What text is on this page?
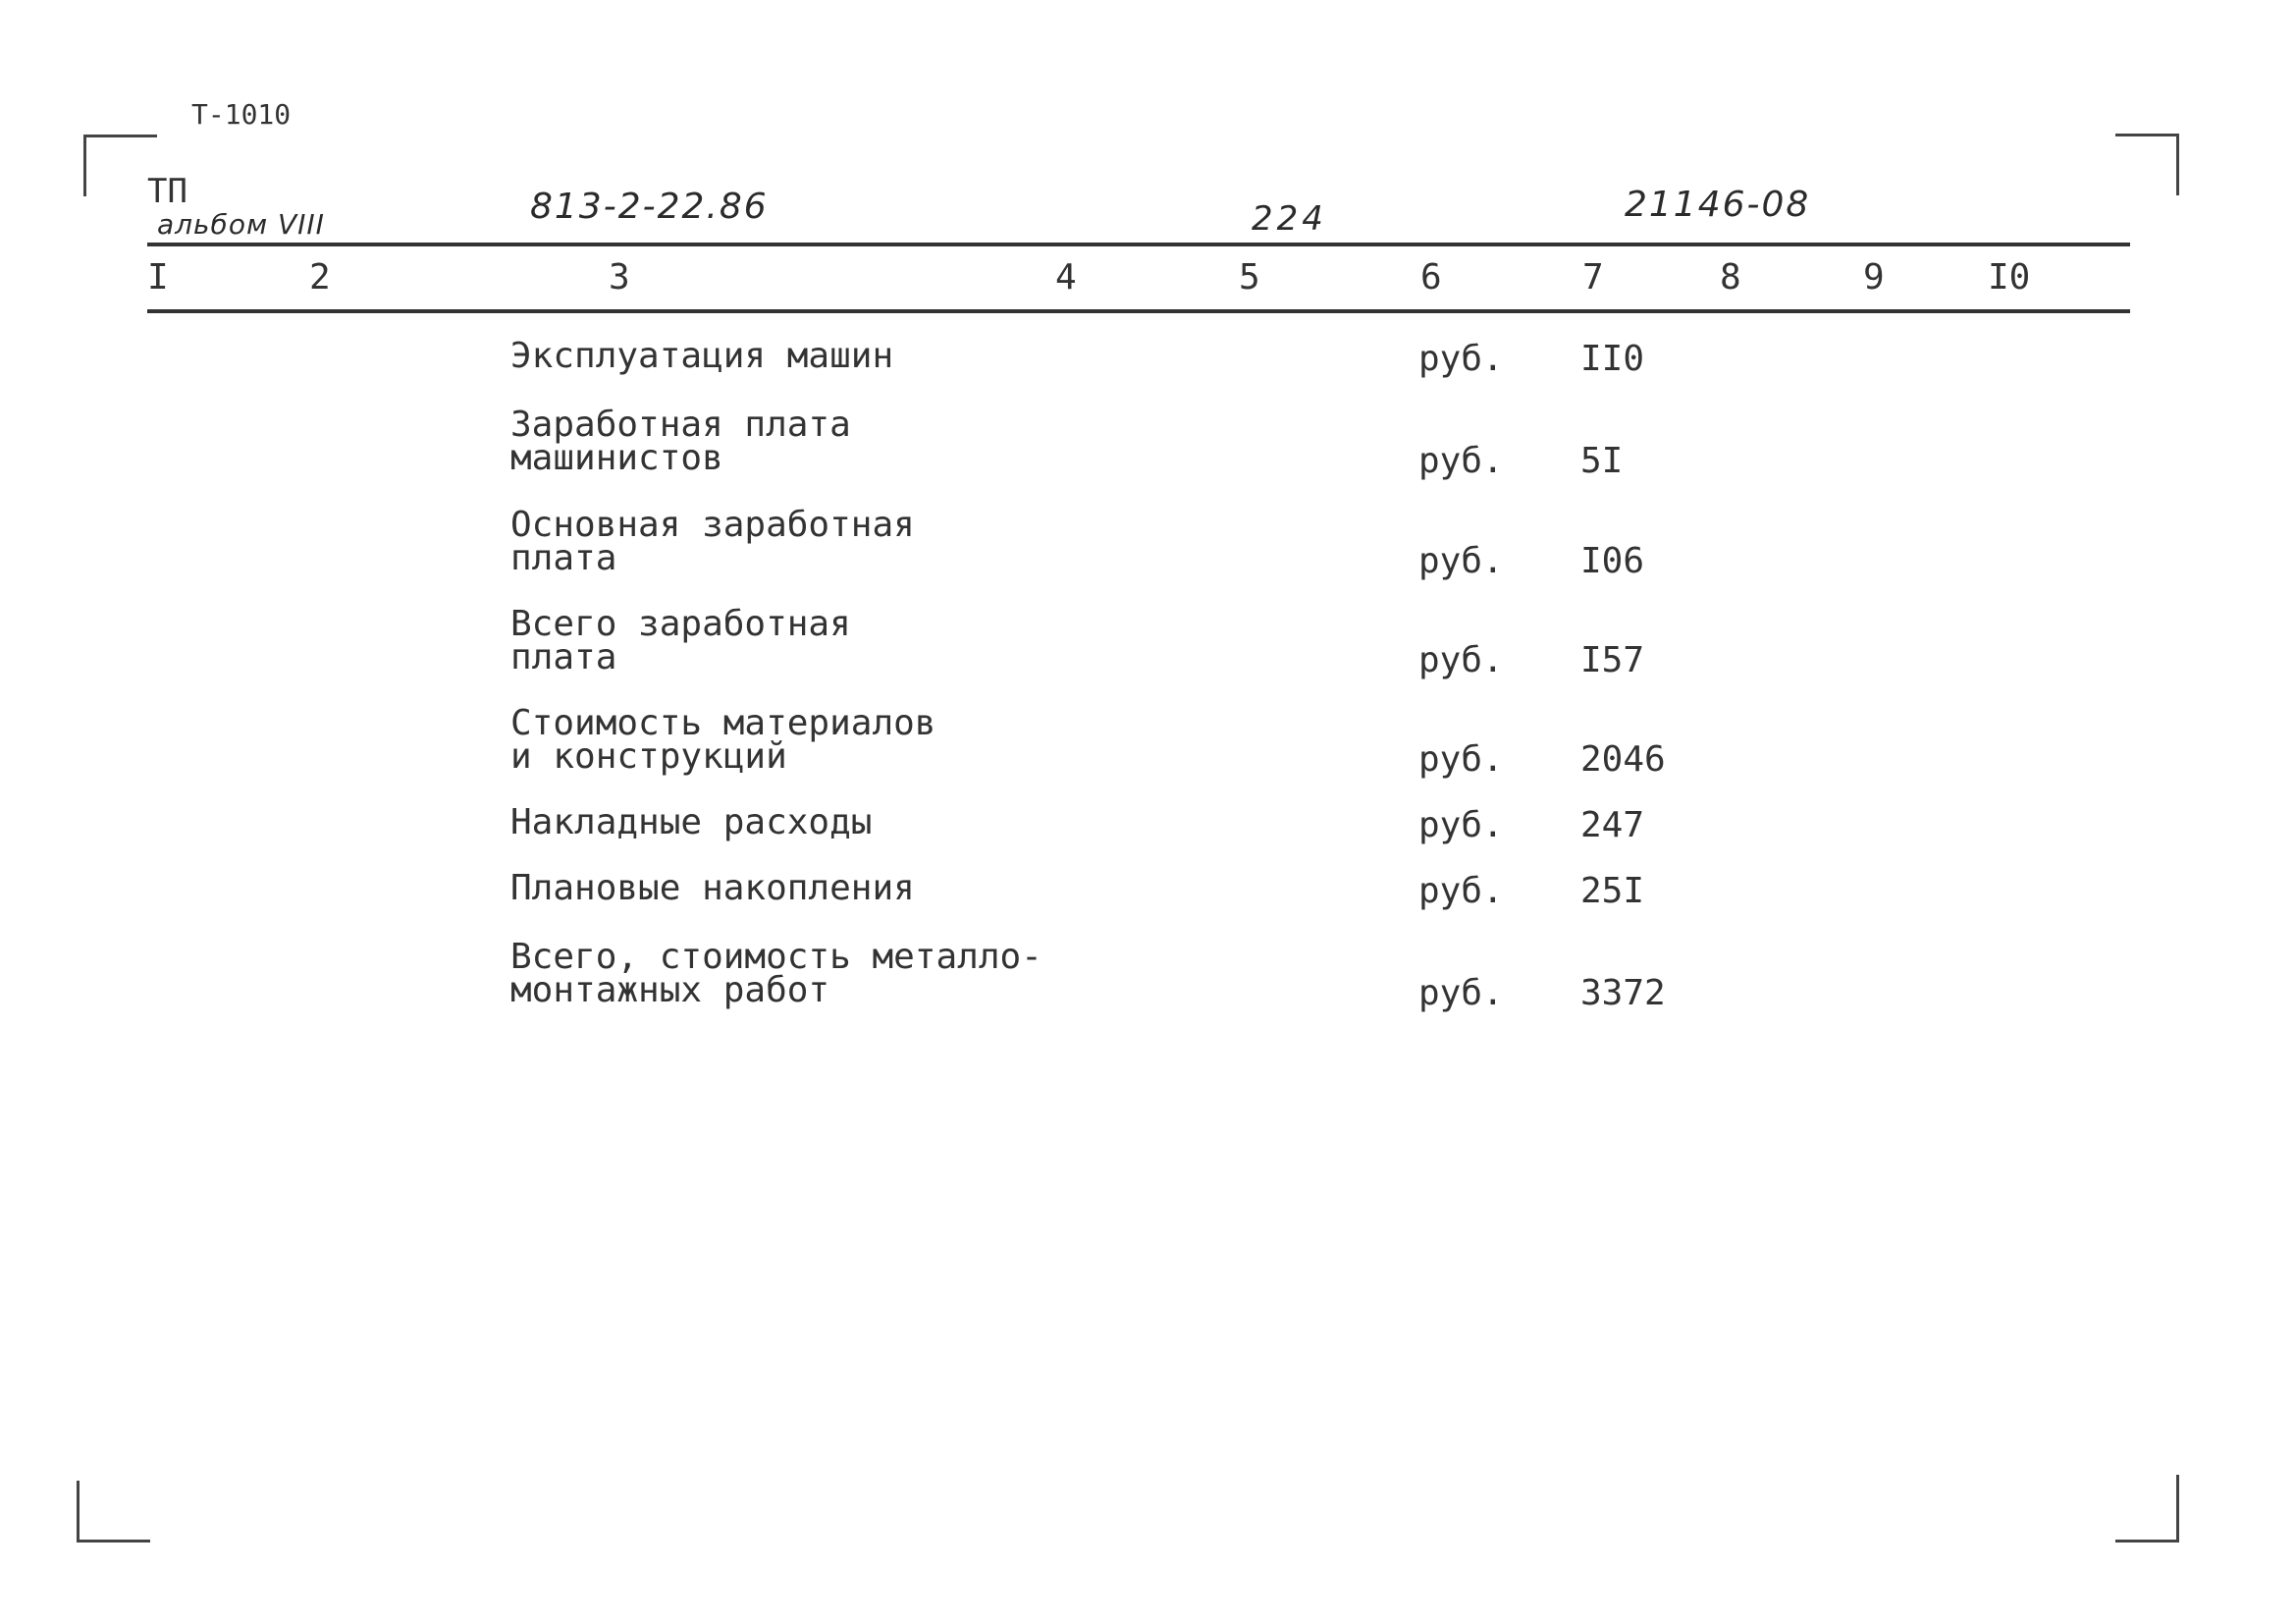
Т-1010
ТП
альбом VIII	813-2-22.86	224	21146-08
I	2	3	4	5	6	7	8	9	I0
Эксплуатация машин	руб. II0
Заработная плата
машинистов	руб. 5I
Основная заработная
плата	руб. I06
Всего заработная
плата	руб. I57
Стоимость материалов
и конструкций	руб. 2046
Накладные расходы	руб. 247
Плановые накопления	руб. 25I
Всего, стоимость металло-
монтажных работ	руб. 3372
